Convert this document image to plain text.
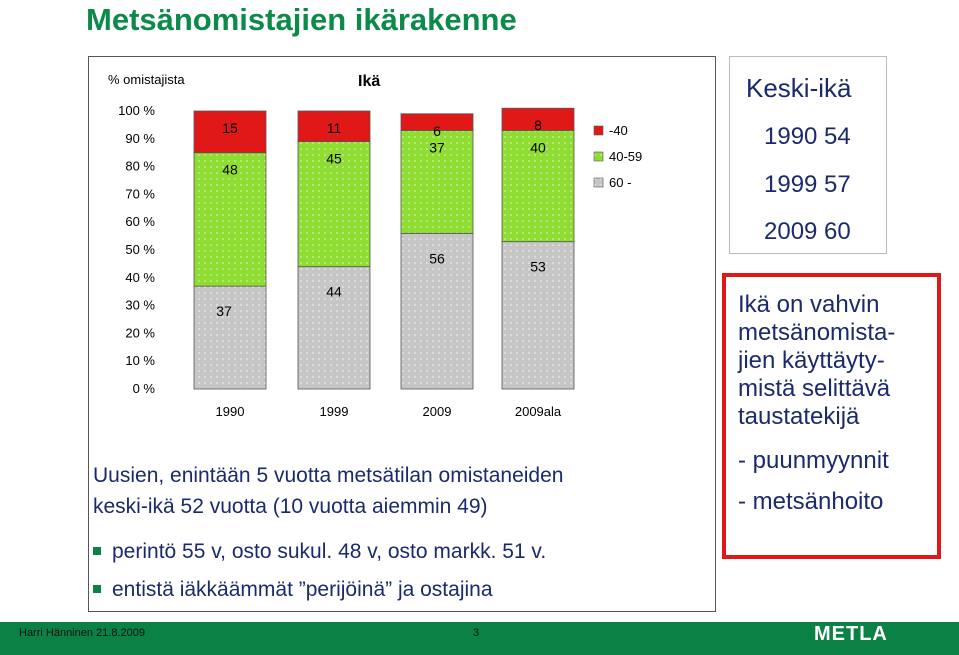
Metsänomistajien ikärakenne
% omistajista	Ikä
100 %
90 %
80 %
70 %
60 %
50 %
40 %
30 %
20 %
10 %
0 %
37
48
15
44
45
11
56
37
6
53
40
8
1990	1999	2009	2009ala
-40
40-59
60 -
Uusien, enintään 5 vuotta metsätilan omistaneiden
keski-ikä 52 vuotta (10 vuotta aiemmin 49)
perintö 55 v, osto sukul. 48 v, osto markk. 51 v.
entistä iäkkäämmät ”perijöinä” ja ostajina
Keski-ikä
1990 54
1999 57
2009 60
Ikä on vahvin
metsänomista-
jien käyttäyty-
mistä selittävä
taustatekijä
- puunmyynnit
- metsänhoito
Harri Hänninen 21.8.2009	3	METLA
